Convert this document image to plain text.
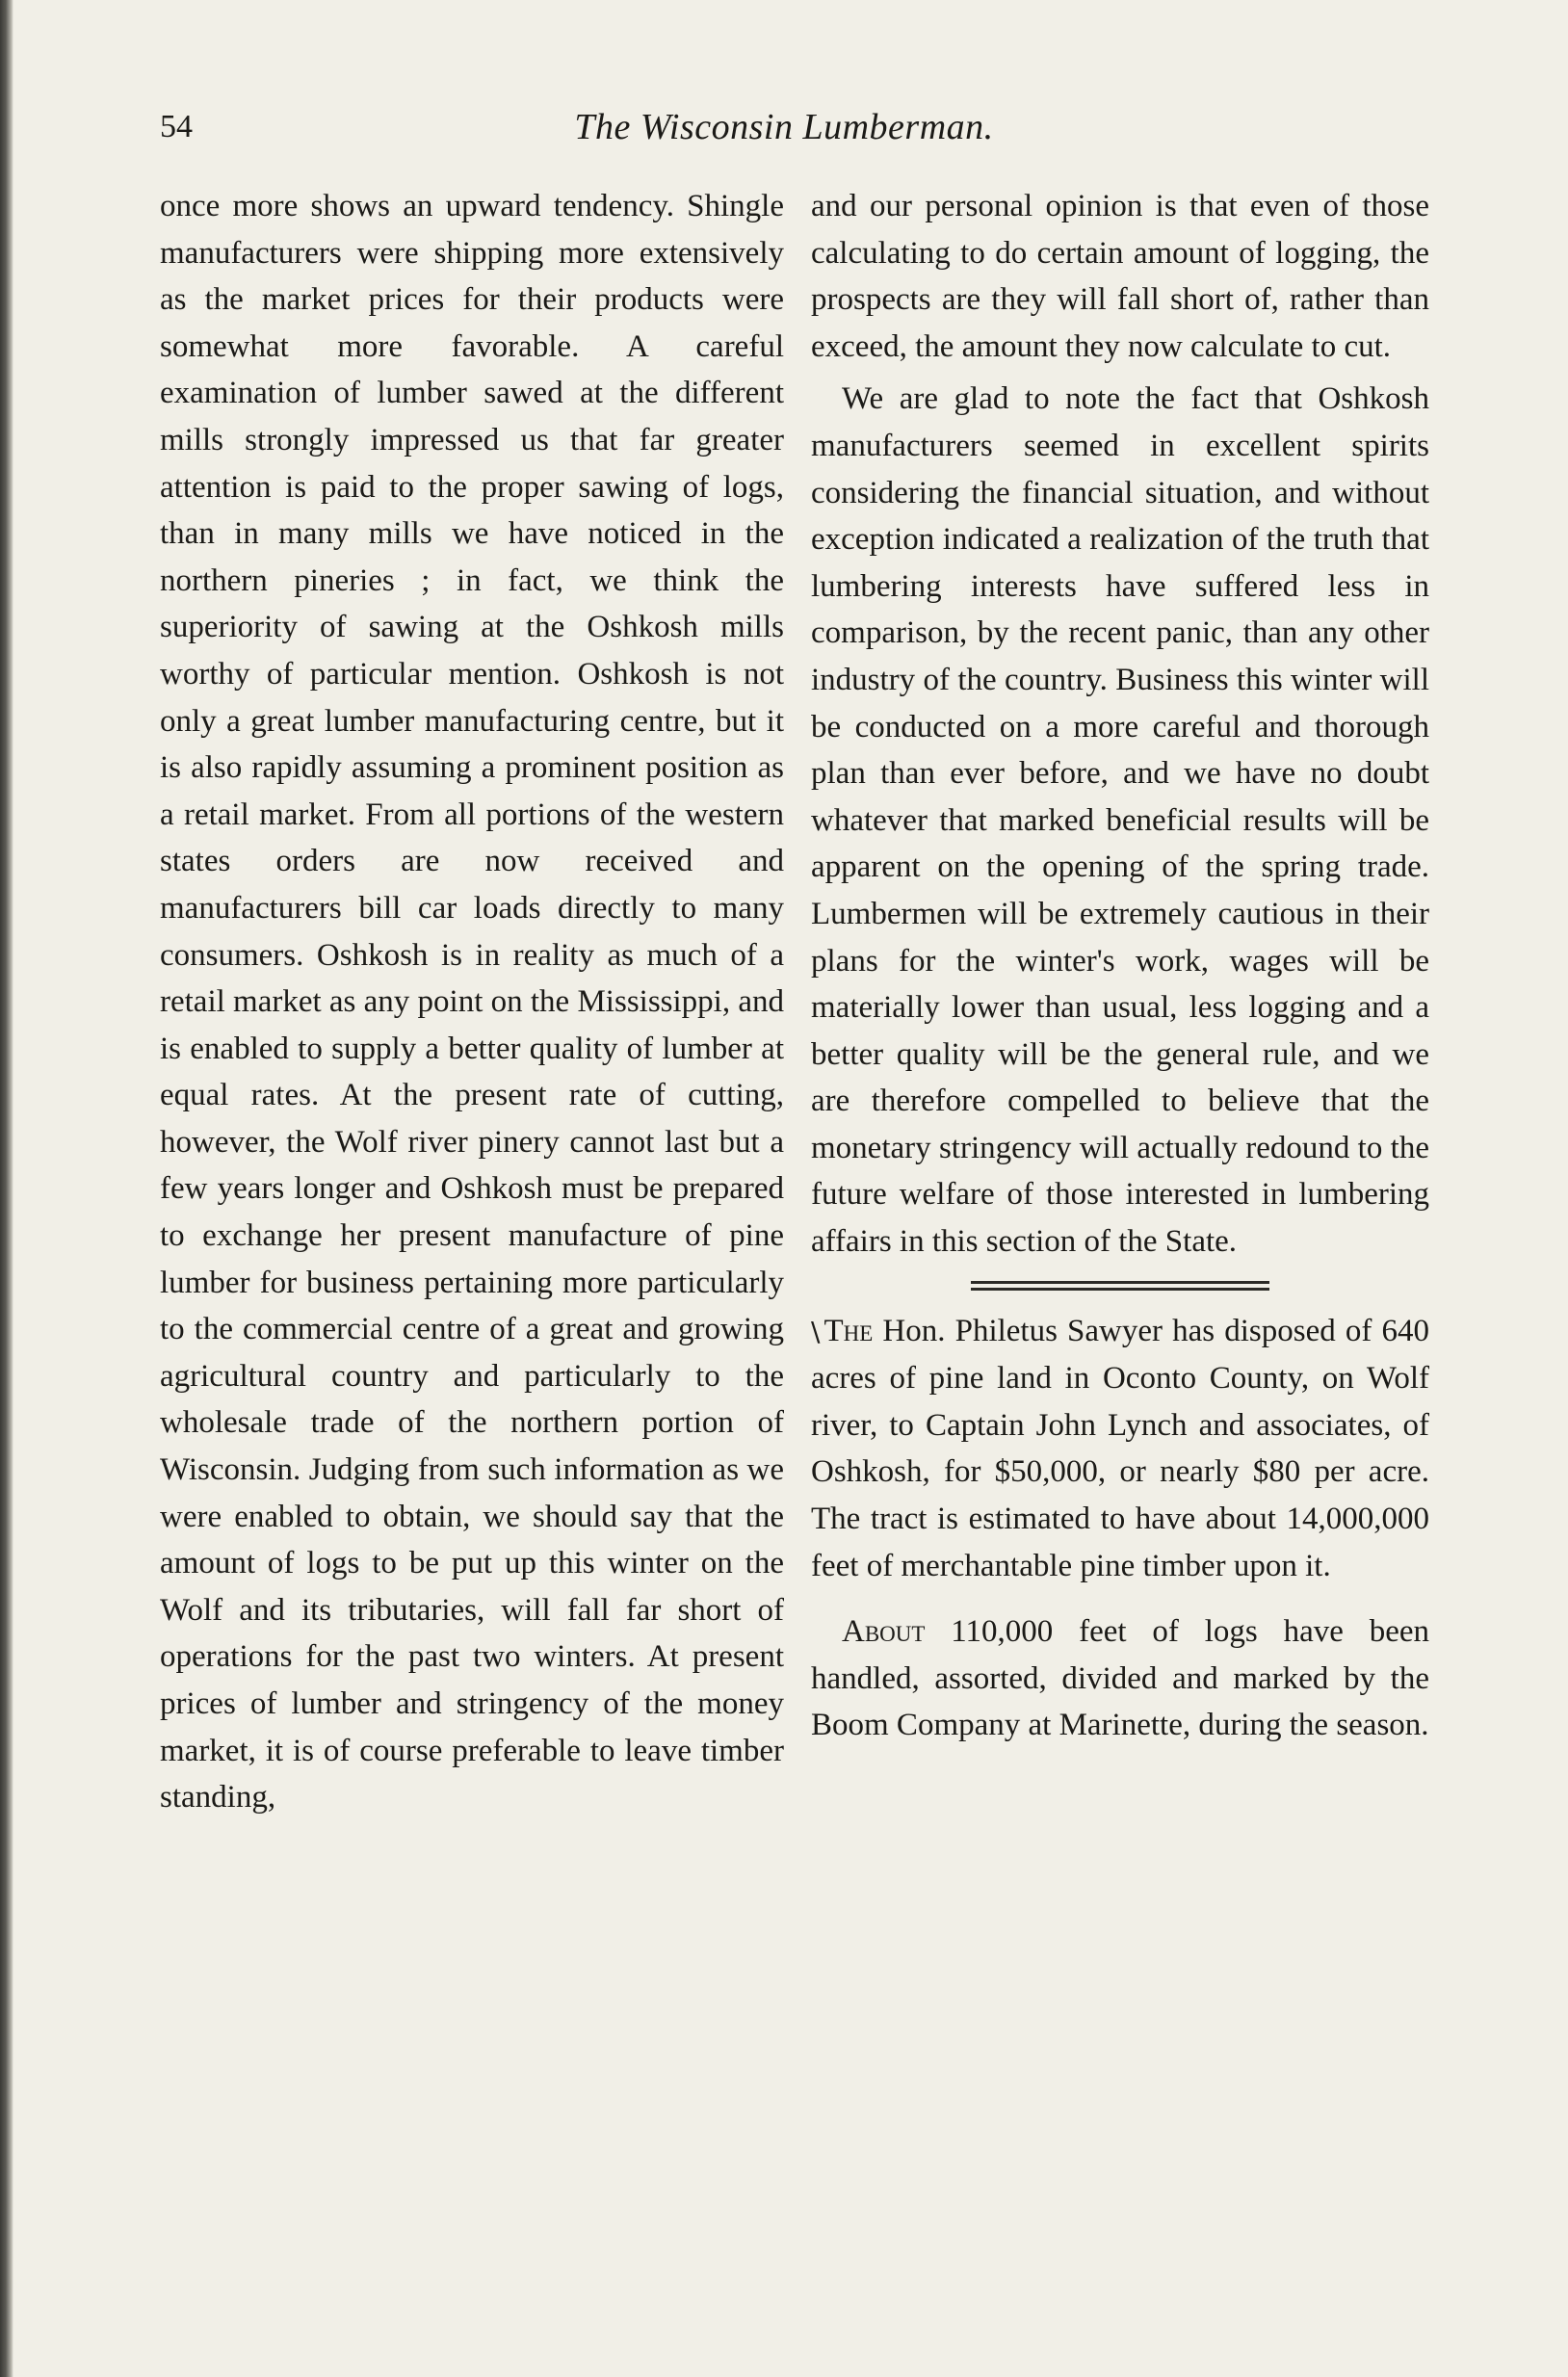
54	The Wisconsin Lumberman.

once more shows an upward tendency. Shingle manufacturers were shipping more extensively as the market prices for their products were somewhat more favorable. A careful examination of lumber sawed at the different mills strongly impressed us that far greater attention is paid to the proper sawing of logs, than in many mills we have noticed in the northern pineries ; in fact, we think the superiority of sawing at the Oshkosh mills worthy of particular mention. Oshkosh is not only a great lumber manufacturing centre, but it is also rapidly assuming a prominent position as a retail market. From all portions of the western states orders are now received and manufacturers bill car loads directly to many consumers. Oshkosh is in reality as much of a retail market as any point on the Mississippi, and is enabled to supply a better quality of lumber at equal rates. At the present rate of cutting, however, the Wolf river pinery cannot last but a few years longer and Oshkosh must be prepared to exchange her present manufacture of pine lumber for business pertaining more particularly to the commercial centre of a great and growing agricultural country and particularly to the wholesale trade of the northern portion of Wisconsin. Judging from such information as we were enabled to obtain, we should say that the amount of logs to be put up this winter on the Wolf and its tributaries, will fall far short of operations for the past two winters. At present prices of lumber and stringency of the money market, it is of course preferable to leave timber standing,

and our personal opinion is that even of those calculating to do certain amount of logging, the prospects are they will fall short of, rather than exceed, the amount they now calculate to cut.

We are glad to note the fact that Oshkosh manufacturers seemed in excellent spirits considering the financial situation, and without exception indicated a realization of the truth that lumbering interests have suffered less in comparison, by the recent panic, than any other industry of the country. Business this winter will be conducted on a more careful and thorough plan than ever before, and we have no doubt whatever that marked beneficial results will be apparent on the opening of the spring trade. Lumbermen will be extremely cautious in their plans for the winter's work, wages will be materially lower than usual, less logging and a better quality will be the general rule, and we are therefore compelled to believe that the monetary stringency will actually redound to the future welfare of those interested in lumbering affairs in this section of the State.

\ The Hon. Philetus Sawyer has disposed of 640 acres of pine land in Oconto County, on Wolf river, to Captain John Lynch and associates, of Oshkosh, for $50,000, or nearly $80 per acre. The tract is estimated to have about 14,000,000 feet of merchantable pine timber upon it.

About 110,000 feet of logs have been handled, assorted, divided and marked by the Boom Company at Marinette, during the season.
